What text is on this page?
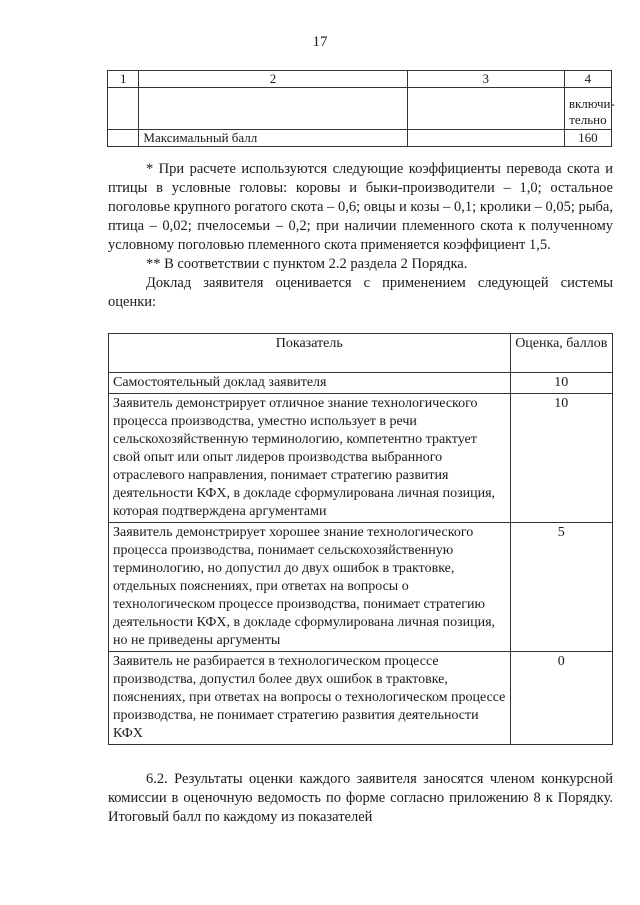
17
1	2	3	4

			включи-
тельно

	Максимальный балл		160
* При расчете используются следующие коэффициенты перевода скота и птицы в условные головы: коровы и быки-производители – 1,0; остальное поголовье крупного рогатого скота – 0,6; овцы и козы – 0,1; кролики – 0,05; рыба, птица – 0,02; пчелосемьи – 0,2; при наличии племенного скота к полученному условному поголовью племенного скота применяется коэффициент 1,5.
** В соответствии с пунктом 2.2 раздела 2 Порядка.
Доклад заявителя оценивается с применением следующей системы оценки:
Показатель	Оценка, баллов
Самостоятельный доклад заявителя	10
Заявитель демонстрирует отличное знание технологического процесса производства, уместно использует в речи сельскохозяйственную терминологию, компетентно трактует свой опыт или опыт лидеров производства выбранного отраслевого направления, понимает стратегию развития деятельности КФХ, в докладе сформулирована личная позиция, которая подтверждена аргументами	10
Заявитель демонстрирует хорошее знание технологического процесса производства, понимает сельскохозяйственную терминологию, но допустил до двух ошибок в трактовке, отдельных пояснениях, при ответах на вопросы о технологическом процессе производства, понимает стратегию деятельности КФХ, в докладе сформулирована личная позиция, но не приведены аргументы	5
Заявитель не разбирается в технологическом процессе производства, допустил более двух ошибок в трактовке, пояснениях, при ответах на вопросы о технологическом процессе производства, не понимает стратегию развития деятельности КФХ	0
6.2. Результаты оценки каждого заявителя заносятся членом конкурсной комиссии в оценочную ведомость по форме согласно приложению 8 к Порядку. Итоговый балл по каждому из показателей
